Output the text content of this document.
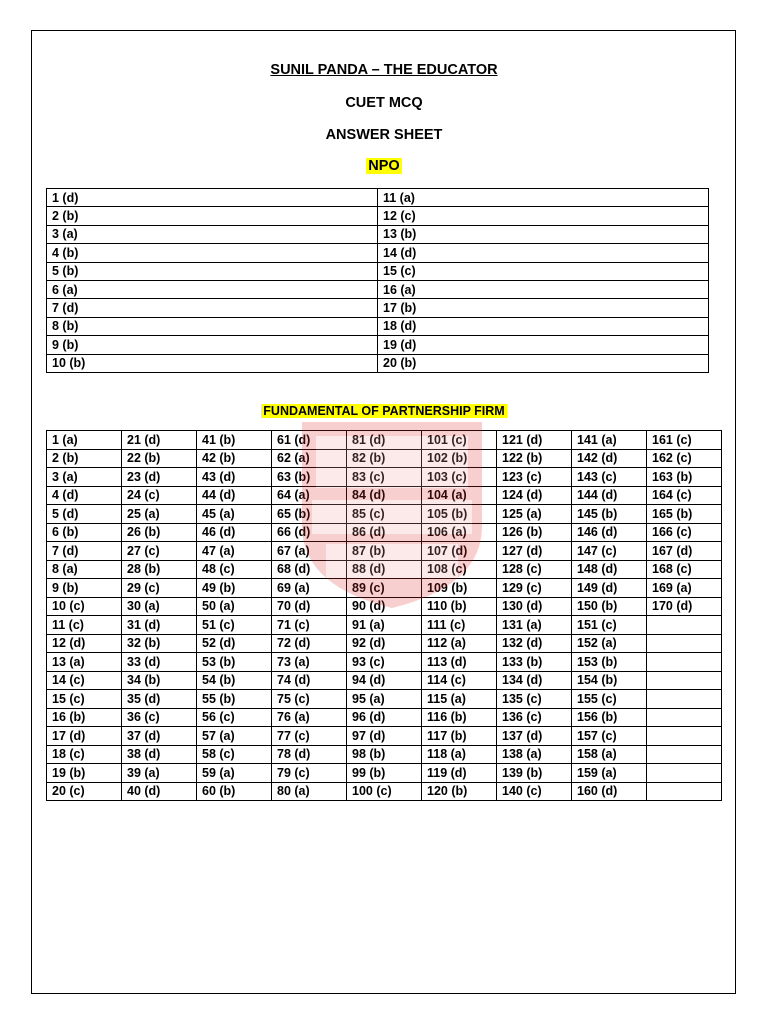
SUNIL PANDA – THE EDUCATOR
CUET MCQ
ANSWER SHEET
NPO
1 (d)	11 (a)
2 (b)	12 (c)
3 (a)	13 (b)
4 (b)	14 (d)
5 (b)	15 (c)
6 (a)	16 (a)
7 (d)	17 (b)
8 (b)	18 (d)
9 (b)	19 (d)
10 (b)	20 (b)
FUNDAMENTAL OF PARTNERSHIP FIRM
1 (a)	21 (d)	41 (b)	61 (d)	81 (d)	101 (c)	121 (d)	141 (a)	161 (c)
2 (b)	22 (b)	42 (b)	62 (a)	82 (b)	102 (b)	122 (b)	142 (d)	162 (c)
3 (a)	23 (d)	43 (d)	63 (b)	83 (c)	103 (c)	123 (c)	143 (c)	163 (b)
4 (d)	24 (c)	44 (d)	64 (a)	84 (d)	104 (a)	124 (d)	144 (d)	164 (c)
5 (d)	25 (a)	45 (a)	65 (b)	85 (c)	105 (b)	125 (a)	145 (b)	165 (b)
6 (b)	26 (b)	46 (d)	66 (d)	86 (d)	106 (a)	126 (b)	146 (d)	166 (c)
7 (d)	27 (c)	47 (a)	67 (a)	87 (b)	107 (d)	127 (d)	147 (c)	167 (d)
8 (a)	28 (b)	48 (c)	68 (d)	88 (d)	108 (c)	128 (c)	148 (d)	168 (c)
9 (b)	29 (c)	49 (b)	69 (a)	89 (c)	109 (b)	129 (c)	149 (d)	169 (a)
10 (c)	30 (a)	50 (a)	70 (d)	90 (d)	110 (b)	130 (d)	150 (b)	170 (d)
11 (c)	31 (d)	51 (c)	71 (c)	91 (a)	111 (c)	131 (a)	151 (c)	
12 (d)	32 (b)	52 (d)	72 (d)	92 (d)	112 (a)	132 (d)	152 (a)	
13 (a)	33 (d)	53 (b)	73 (a)	93 (c)	113 (d)	133 (b)	153 (b)	
14 (c)	34 (b)	54 (b)	74 (d)	94 (d)	114 (c)	134 (d)	154 (b)	
15 (c)	35 (d)	55 (b)	75 (c)	95 (a)	115 (a)	135 (c)	155 (c)	
16 (b)	36 (c)	56 (c)	76 (a)	96 (d)	116 (b)	136 (c)	156 (b)	
17 (d)	37 (d)	57 (a)	77 (c)	97 (d)	117 (b)	137 (d)	157 (c)	
18 (c)	38 (d)	58 (c)	78 (d)	98 (b)	118 (a)	138 (a)	158 (a)	
19 (b)	39 (a)	59 (a)	79 (c)	99 (b)	119 (d)	139 (b)	159 (a)	
20 (c)	40 (d)	60 (b)	80 (a)	100 (c)	120 (b)	140 (c)	160 (d)	
